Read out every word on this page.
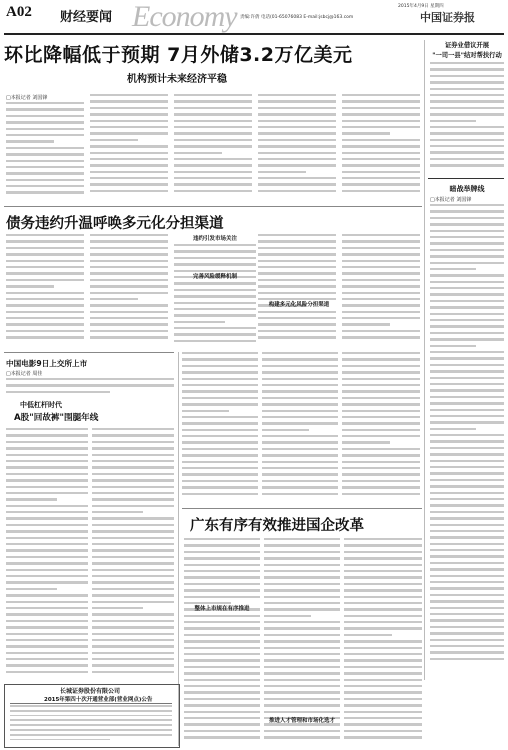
A02 财经要闻 Economy 责编:许倩 电话(01-65076083 E-mail:jsbcj@163.com
2015年4月9日 星期四
中国证券报
环比降幅低于预期 7月外储3.2万亿美元
机构预计未来经济平稳
□本报记者 刘国锋
证券业借议开展
"一司一县"结对帮扶行动
暗战举牌线
□本报记者 刘国锋
债务违约升温呼唤多元化分担渠道
违约引发市场关注
完善风险缓释机制
构建多元化风险分担渠道
中国电影9日上交所上市
□本报记者 周佳
中低杠杆时代
A股"回故裤"围腿年线
广东有序有效推进国企改革
整体上市规在有序推进
推进人才管理和市场化选才
长城证券股份有限公司
2015年第四十次开通营业部(营业网点)公告
